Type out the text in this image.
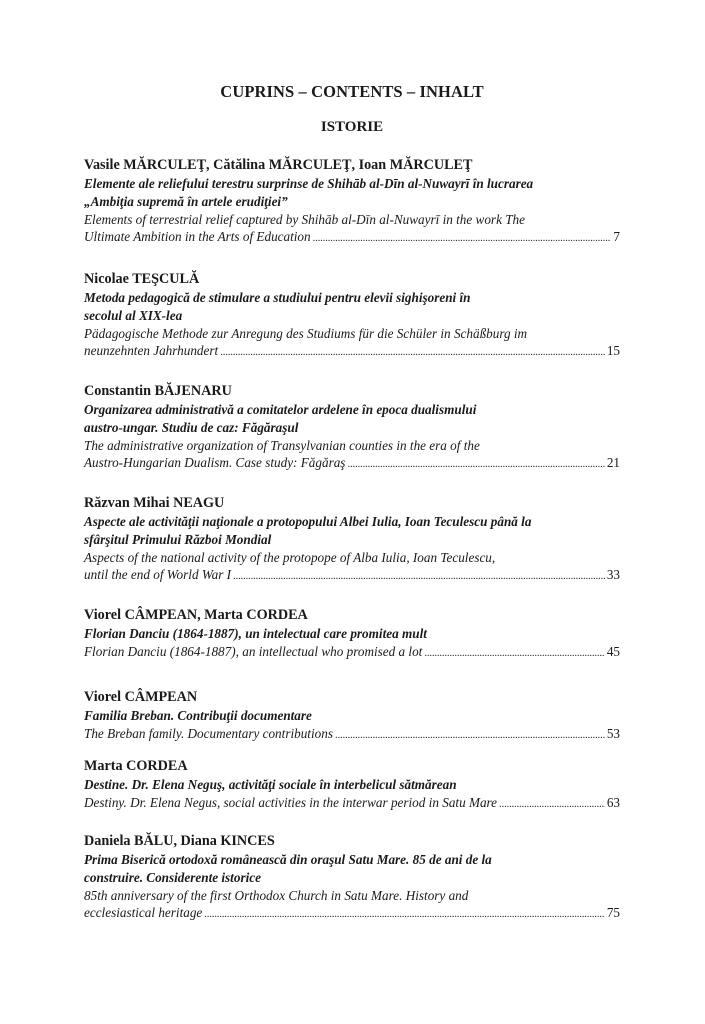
CUPRINS – CONTENTS – INHALT
ISTORIE
Vasile MĂRCULEŢ, Cătălina MĂRCULEŢ, Ioan MĂRCULEŢ
Elemente ale reliefului terestru surprinse de Shihāb al-Dīn al-Nuwayrī în lucrarea
„Ambiţia supremă în artele erudiţiei”
Elements of terrestrial relief captured by Shihāb al-Dīn al-Nuwayrī in the work The
Ultimate Ambition in the Arts of Education . . .	7
Nicolae TEŞCULĂ
Metoda pedagogică de stimulare a studiului pentru elevii sighişoreni în
secolul al XIX-lea
Pädagogische Methode zur Anregung des Studiums für die Schüler in Schäßburg im
neunzehnten Jahrhundert . . .	15
Constantin BĂJENARU
Organizarea administrativă a comitatelor ardelene în epoca dualismului
austro-ungar. Studiu de caz: Făgăraşul
The administrative organization of Transylvanian counties in the era of the
Austro-Hungarian Dualism. Case study: Făgăraş . . .	21
Răzvan Mihai NEAGU
Aspecte ale activităţii naţionale a protopopului Albei Iulia, Ioan Teculescu până la
sfârşitul Primului Război Mondial
Aspects of the national activity of the protopope of Alba Iulia, Ioan Teculescu,
until the end of World War I . . .	33
Viorel CÂMPEAN, Marta CORDEA
Florian Danciu (1864-1887), un intelectual care promitea mult
Florian Danciu (1864-1887), an intellectual who promised a lot . . .	45
Viorel CÂMPEAN
Familia Breban. Contribuţii documentare
The Breban family. Documentary contributions . . .	53
Marta CORDEA
Destine. Dr. Elena Neguş, activităţi sociale în interbelicul sătmărean
Destiny. Dr. Elena Negus, social activities in the interwar period in Satu Mare . . .	63
Daniela BĂLU, Diana KINCES
Prima Biserică ortodoxă românească din oraşul Satu Mare. 85 de ani de la
construire. Considerente istorice
85th anniversary of the first Orthodox Church in Satu Mare. History and
ecclesiastical heritage . . .	75
